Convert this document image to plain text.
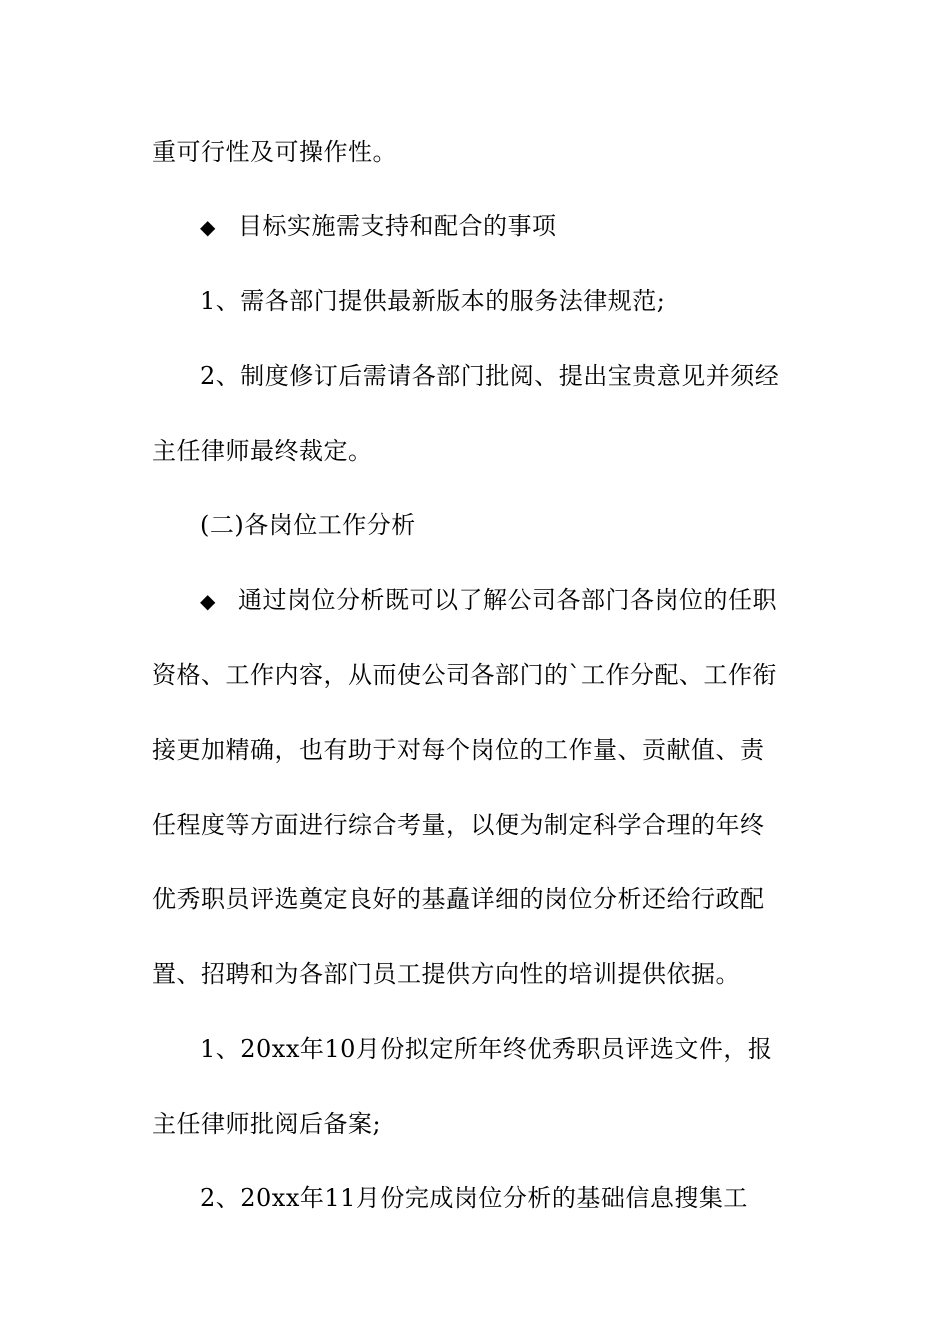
重可行性及可操作性。
◆ 目标实施需支持和配合的事项
1、需各部门提供最新版本的服务法律规范;
2、制度修订后需请各部门批阅、提出宝贵意见并须经
主任律师最终裁定。
(二)各岗位工作分析
◆ 通过岗位分析既可以了解公司各部门各岗位的任职
资格、工作内容，从而使公司各部门的`工作分配、工作衔
接更加精确，也有助于对每个岗位的工作量、贡献值、责
任程度等方面进行综合考量，以便为制定科学合理的年终
优秀职员评选奠定良好的基矗详细的岗位分析还给行政配
置、招聘和为各部门员工提供方向性的培训提供依据。
1、20xx年10月份拟定所年终优秀职员评选文件，报
主任律师批阅后备案;
2、20xx年11月份完成岗位分析的基础信息搜集工
